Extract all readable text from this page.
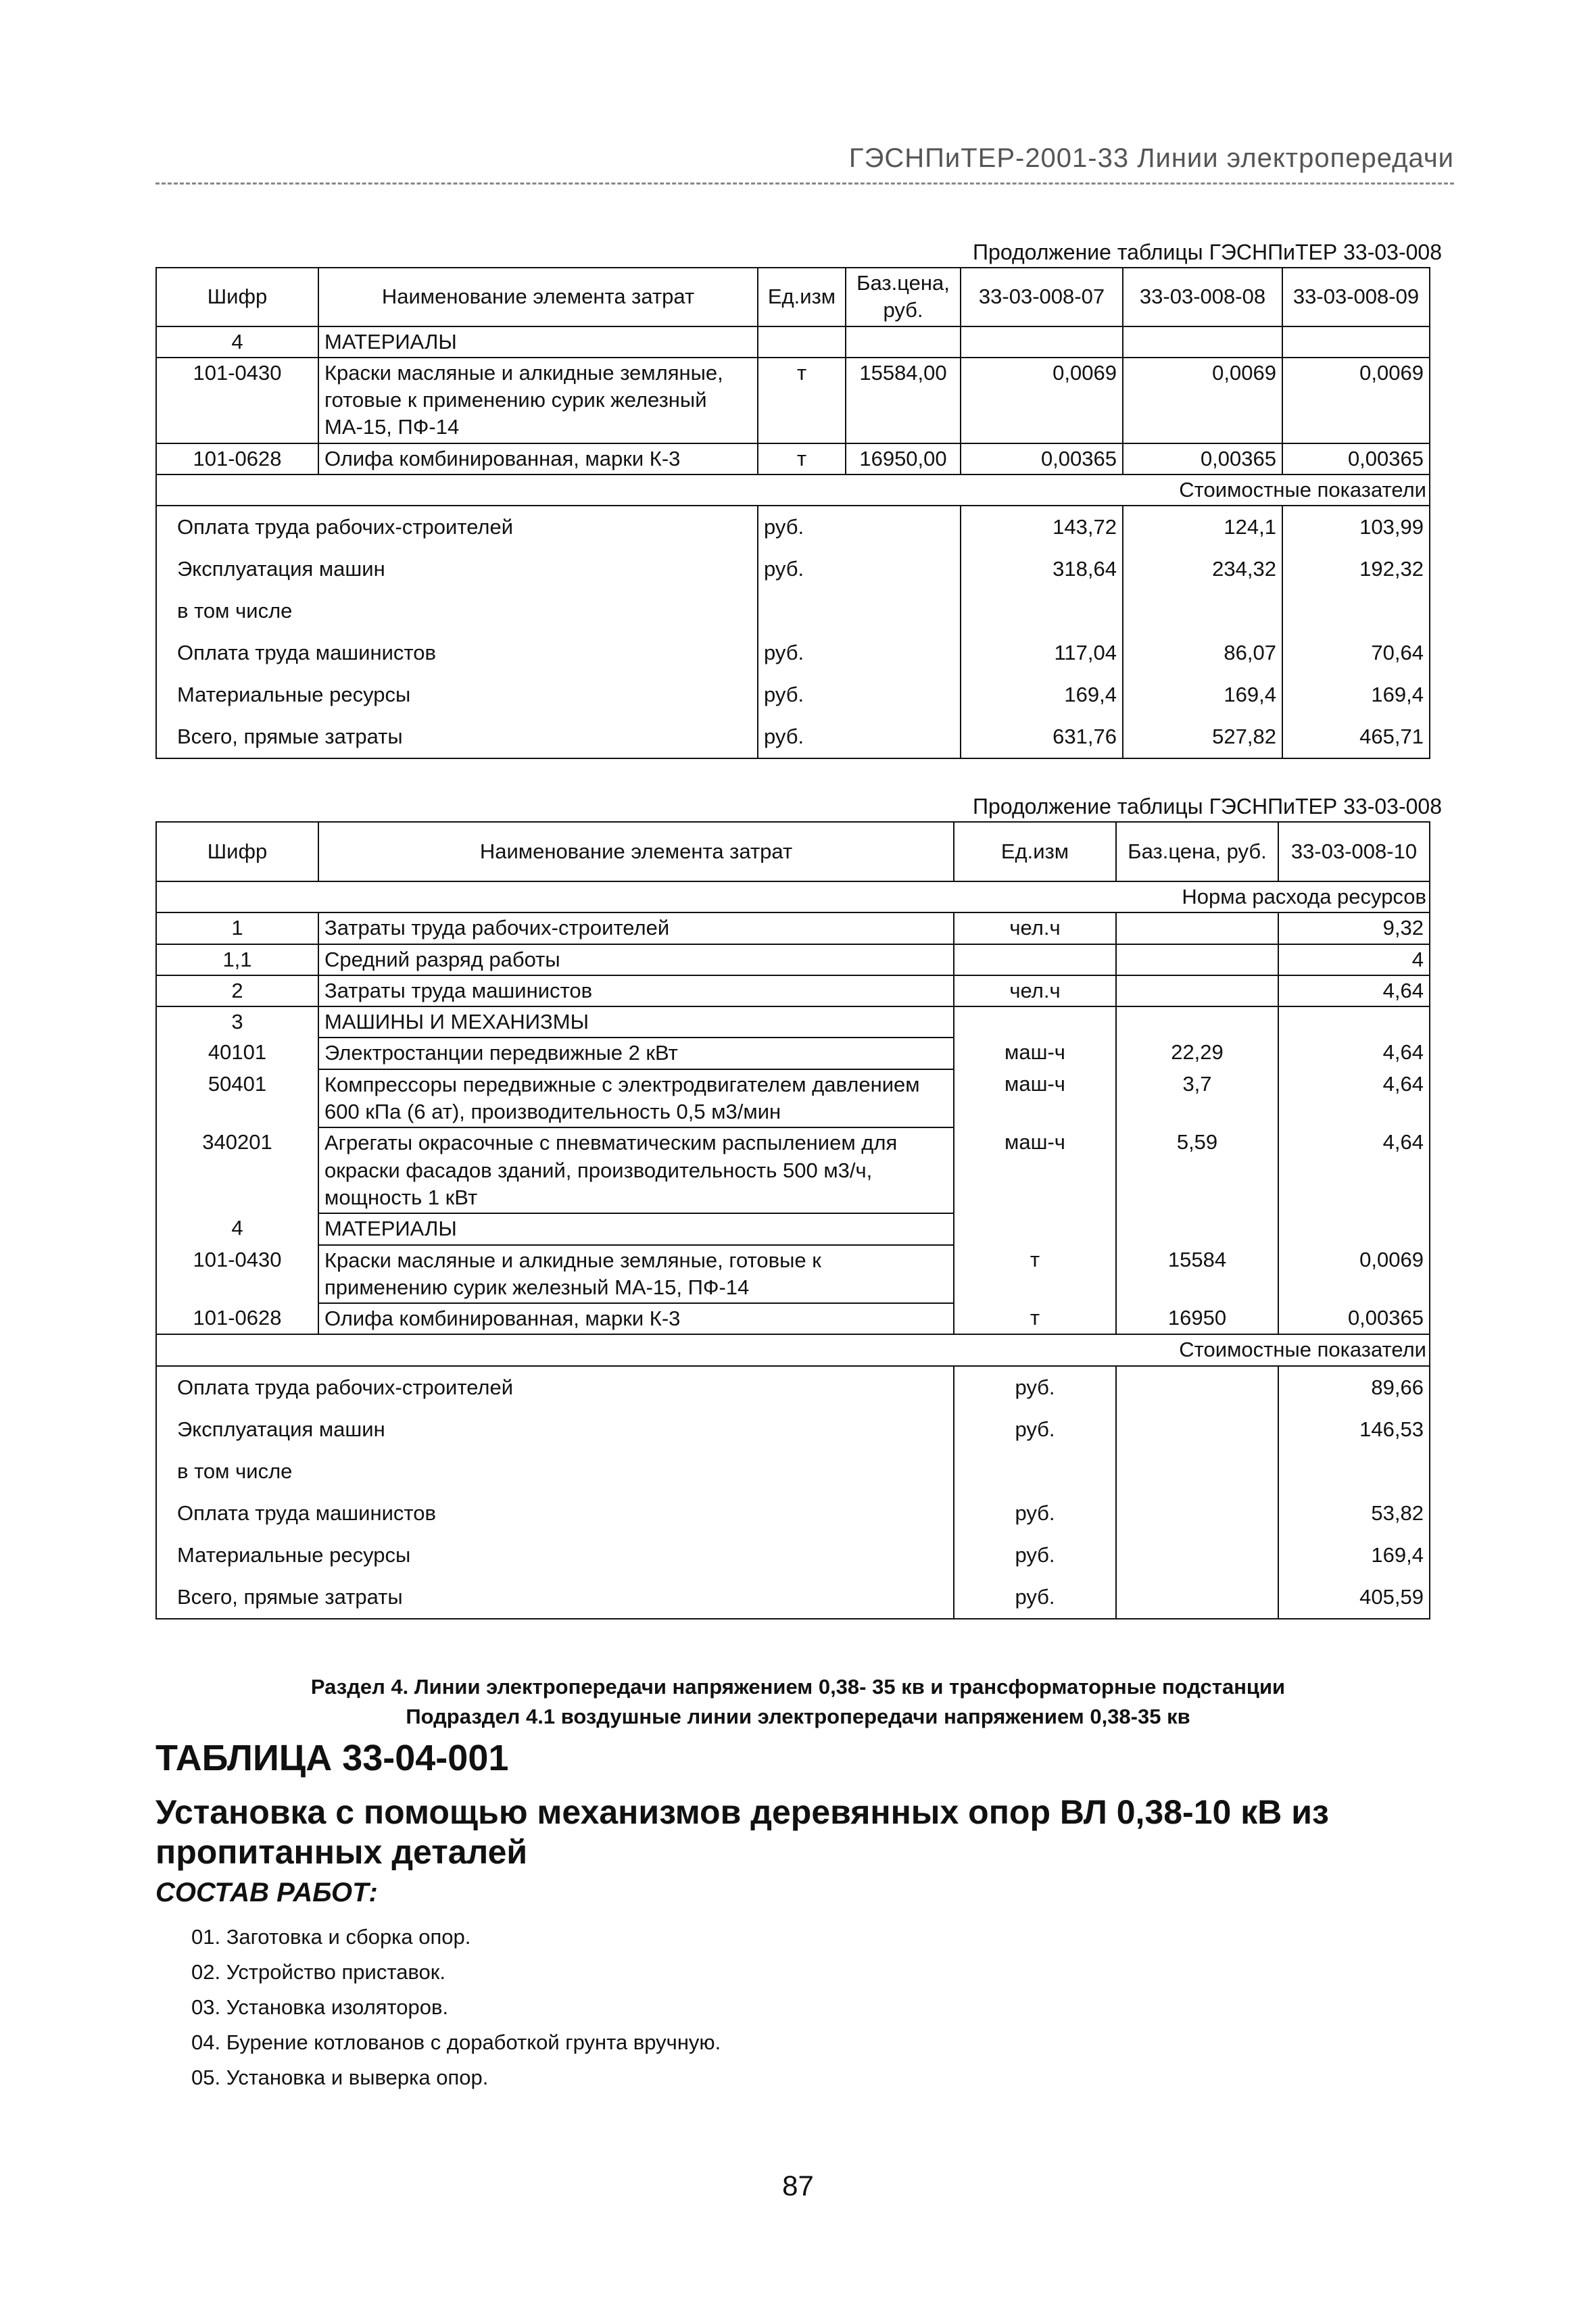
ГЭСНПиТЕР-2001-33 Линии электропередачи
Продолжение таблицы ГЭСНПиТЕР 33-03-008
Шифр	Наименование элемента затрат	Ед.изм	Баз.цена, руб.	33-03-008-07	33-03-008-08	33-03-008-09
4	МАТЕРИАЛЫ					
101-0430	Краски масляные и алкидные земляные, готовые к применению сурик железный МА-15, ПФ-14	т	15584,00	0,0069	0,0069	0,0069
101-0628	Олифа комбинированная, марки К-3	т	16950,00	0,00365	0,00365	0,00365
Стоимостные показатели						
Оплата труда рабочих-строителей	руб.	143,72	124,1	103,99
Эксплуатация машин	руб.	318,64	234,32	192,32
в том числе				
Оплата труда машинистов	руб.	117,04	86,07	70,64
Материальные ресурсы	руб.	169,4	169,4	169,4
Всего, прямые затраты	руб.	631,76	527,82	465,71
Продолжение таблицы ГЭСНПиТЕР 33-03-008
Шифр	Наименование элемента затрат	Ед.изм	Баз.цена, руб.	33-03-008-10
Норма расхода ресурсов				
1	Затраты труда рабочих-строителей	чел.ч		9,32
1,1	Средний разряд работы			4
2	Затраты труда машинистов	чел.ч		4,64
3	МАШИНЫ И МЕХАНИЗМЫ			
40101	Электростанции передвижные 2 кВт	маш-ч	22,29	4,64
50401	Компрессоры передвижные с электродвигателем давлением 600 кПа (6 ат), производительность 0,5 м3/мин	маш-ч	3,7	4,64
340201	Агрегаты окрасочные с пневматическим распылением для окраски фасадов зданий, производительность 500 м3/ч, мощность 1 кВт	маш-ч	5,59	4,64
4	МАТЕРИАЛЫ			
101-0430	Краски масляные и алкидные земляные, готовые к применению сурик железный МА-15, ПФ-14	т	15584	0,0069
101-0628	Олифа комбинированная, марки К-3	т	16950	0,00365
Стоимостные показатели				
Оплата труда рабочих-строителей		руб.		89,66
Эксплуатация машин		руб.		146,53
в том числе				
Оплата труда машинистов		руб.		53,82
Материальные ресурсы		руб.		169,4
Всего, прямые затраты		руб.		405,59
Раздел 4. Линии электропередачи напряжением 0,38- 35 кв и трансформаторные подстанции
Подраздел 4.1 воздушные линии электропередачи напряжением 0,38-35 кв
ТАБЛИЦА 33-04-001
Установка с помощью механизмов деревянных опор ВЛ 0,38-10 кВ из пропитанных деталей
СОСТАВ РАБОТ:
01. Заготовка и сборка опор.
02. Устройство приставок.
03. Установка изоляторов.
04. Бурение котлованов с доработкой грунта вручную.
05. Установка и выверка опор.
87
